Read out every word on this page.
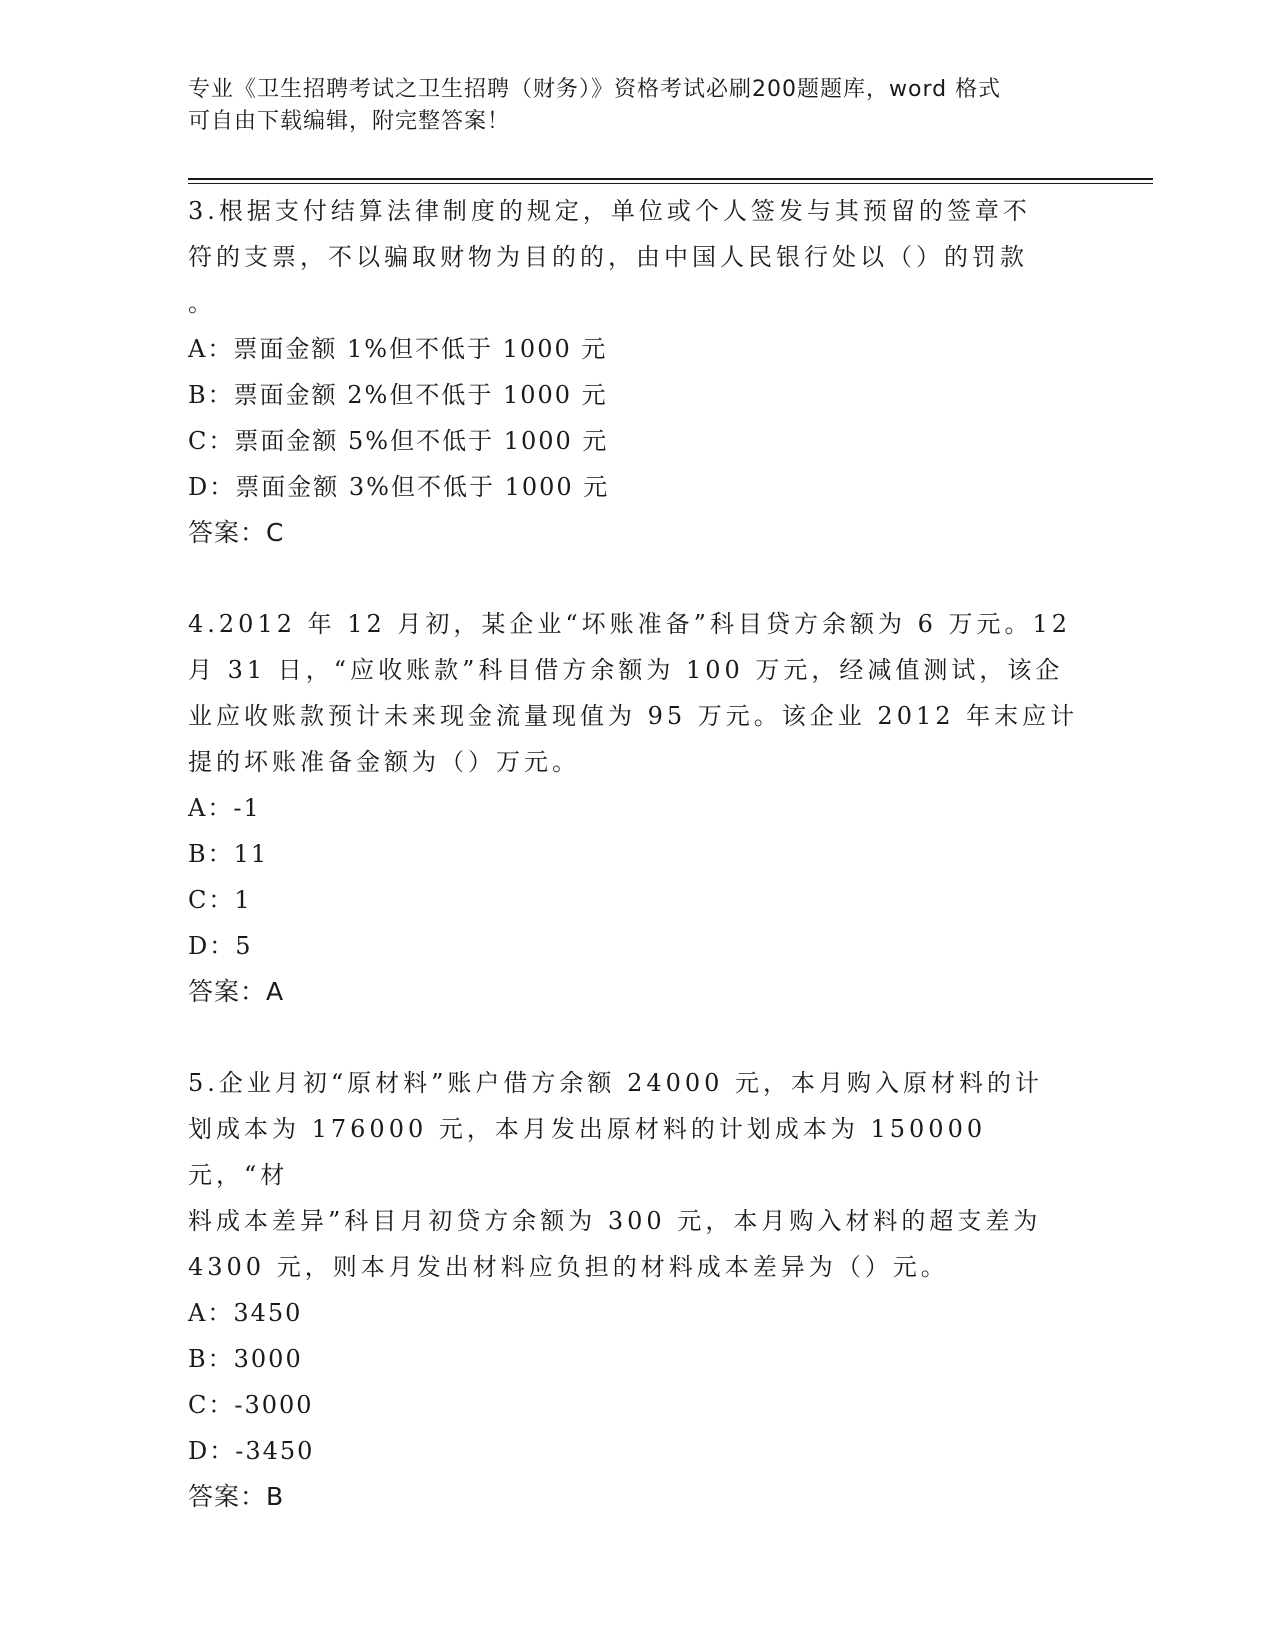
专业《卫生招聘考试之卫生招聘（财务）》资格考试必刷200题题库，word 格式
可自由下载编辑，附完整答案！

3.根据支付结算法律制度的规定，单位或个人签发与其预留的签章不

符的支票，不以骗取财物为目的的，由中国人民银行处以（）的罚款

。

A：票面金额 1%但不低于 1000 元

B：票面金额 2%但不低于 1000 元

C：票面金额 5%但不低于 1000 元

D：票面金额 3%但不低于 1000 元

答案：C

4.2012 年 12 月初，某企业“坏账准备”科目贷方余额为 6 万元。12

月 31 日，“应收账款”科目借方余额为 100 万元，经减值测试，该企

业应收账款预计未来现金流量现值为 95 万元。该企业 2012 年末应计

提的坏账准备金额为（）万元。

A：-1

B：11

C：1

D：5

答案：A

5.企业月初“原材料”账户借方余额 24000 元，本月购入原材料的计

划成本为 176000 元，本月发出原材料的计划成本为 150000 元，“材

料成本差异”科目月初贷方余额为 300 元，本月购入材料的超支差为

4300 元，则本月发出材料应负担的材料成本差异为（）元。

A：3450

B：3000

C：-3000

D：-3450

答案：B
